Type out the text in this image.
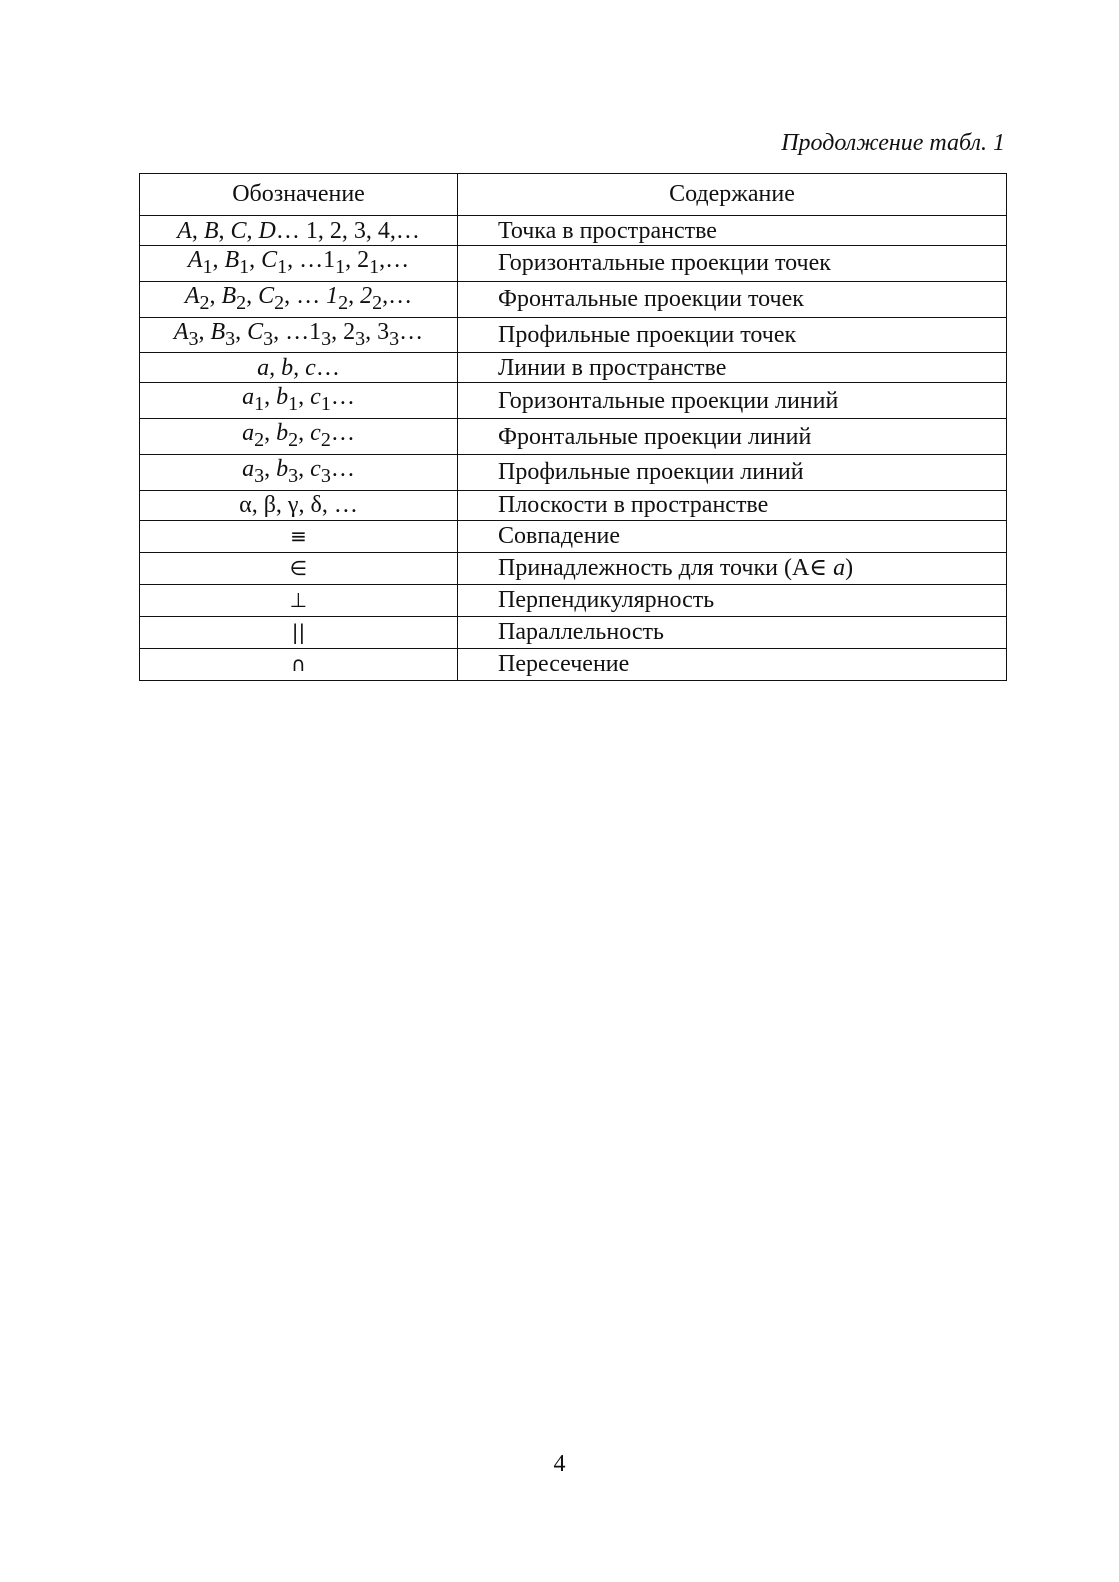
Продолжение табл. 1
Обозначение	Содержание
A, B, C, D… 1, 2, 3, 4,…	Точка в пространстве
$A_1$, $B_1$, $C_1$, $\dots 1_1$, $2_1,\dots$	Горизонтальные проекции точек
$A_2$, $B_2$, $C_2$, … $1_2$, $2_2,\dots$	Фронтальные проекции точек
$A_3$, $B_3$, $C_3$, $\dots 1_3$, $2_3$, $3_3\dots$	Профильные проекции точек
a, b, c…	Линии в пространстве
$a_1$, $b_1$, $c_1\dots$	Горизонтальные проекции линий
$a_2$, $b_2$, $c_2\dots$	Фронтальные проекции линий
$a_3$, $b_3$, $c_3\dots$	Профильные проекции линий
α, β, γ, δ, …	Плоскости в пространстве
≡	Совпадение
∈	Принадлежность для точки (А∈ a)
⊥	Перпендикулярность
||	Параллельность
∩	Пересечение
4
